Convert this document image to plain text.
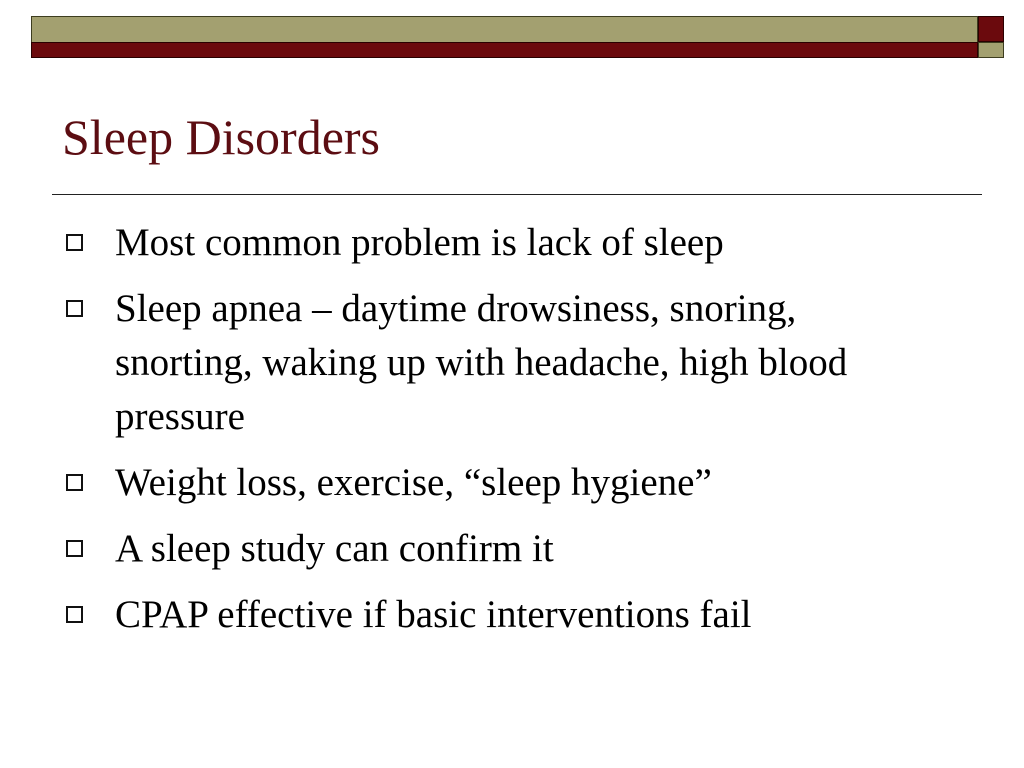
Sleep Disorders
Most common problem is lack of sleep
Sleep apnea – daytime drowsiness, snoring, snorting, waking up with headache, high blood pressure
Weight loss, exercise, “sleep hygiene”
A sleep study can confirm it
CPAP effective if basic interventions fail
